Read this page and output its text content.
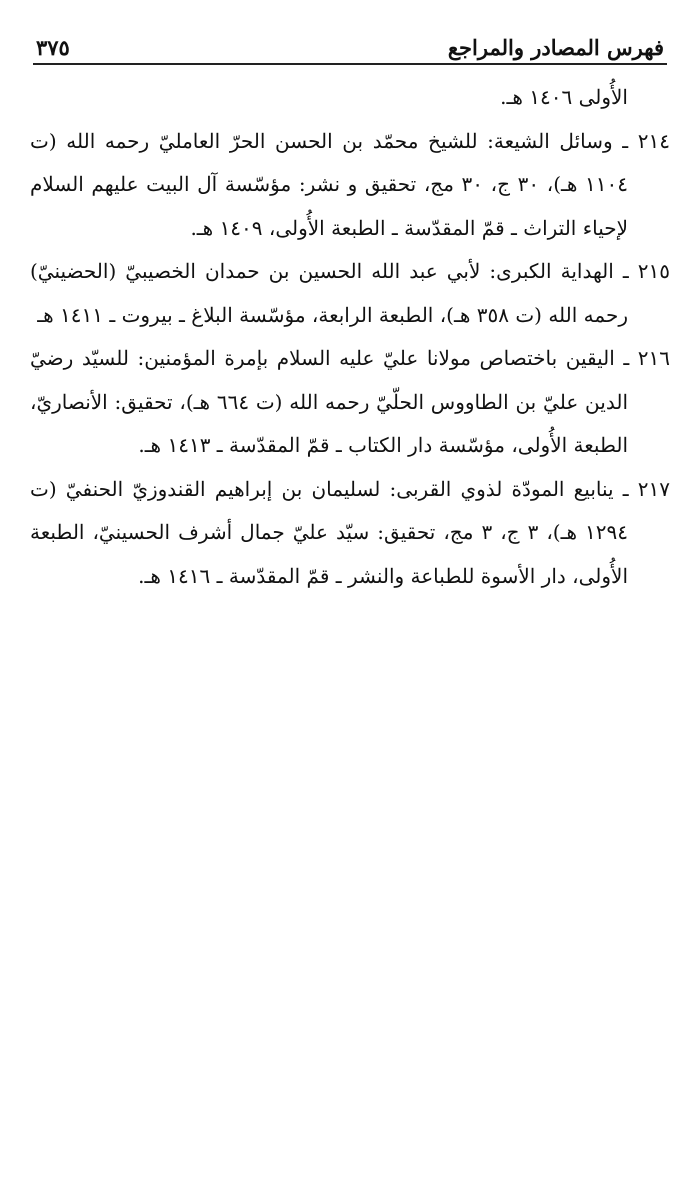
فهرس المصادر والمراجع
٣٧٥

الأُولى ١٤٠٦ هـ.

٢١٤ ـ وسائل الشيعة: للشيخ محمّد بن الحسن الحرّ العامليّ رحمه الله (ت ١١٠٤ هـ)، ٣٠ ج، ٣٠ مج، تحقيق و نشر: مؤسّسة آل البيت عليهم السلام لإحياء التراث ـ قمّ المقدّسة ـ الطبعة الأُولى، ١٤٠٩ هـ.

٢١٥ ـ الهداية الكبرى: لأبي عبد الله الحسين بن حمدان الخصيبيّ (الحضينيّ) رحمه الله (ت ٣٥٨ هـ)، الطبعة الرابعة، مؤسّسة البلاغ ـ بيروت ـ ١٤١١ هـ

٢١٦ ـ اليقين باختصاص مولانا عليّ عليه السلام بإمرة المؤمنين: للسيّد رضيّ الدين عليّ بن الطاووس الحلّيّ رحمه الله (ت ٦٦٤ هـ)، تحقيق: الأنصاريّ، الطبعة الأُولى، مؤسّسة دار الكتاب ـ قمّ المقدّسة ـ ١٤١٣ هـ.

٢١٧ ـ ينابيع المودّة لذوي القربى: لسليمان بن إبراهيم القندوزيّ الحنفيّ (ت ١٢٩٤ هـ)، ٣ ج، ٣ مج، تحقيق: سيّد عليّ جمال أشرف الحسينيّ، الطبعة الأُولى، دار الأسوة للطباعة والنشر ـ قمّ المقدّسة ـ ١٤١٦ هـ.
